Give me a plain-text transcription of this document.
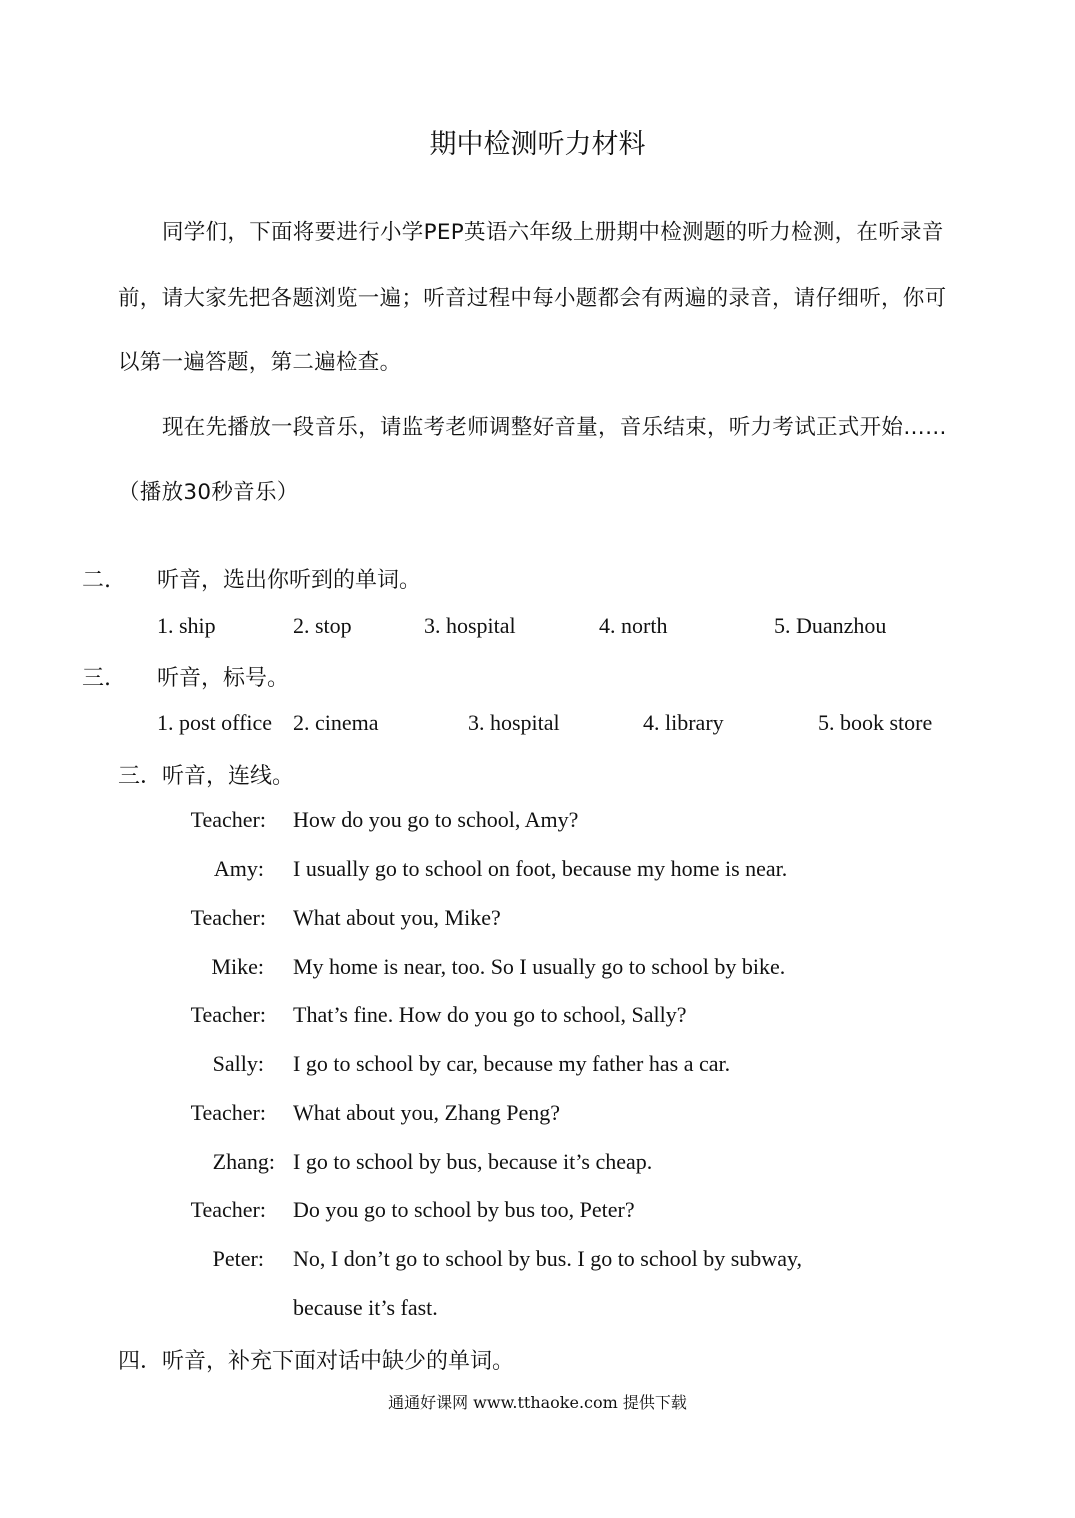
期中检测听力材料
同学们，下面将要进行小学PEP英语六年级上册期中检测题的听力检测，在听录音
前，请大家先把各题浏览一遍；听音过程中每小题都会有两遍的录音，请仔细听，你可
以第一遍答题，第二遍检查。
现在先播放一段音乐，请监考老师调整好音量，音乐结束，听力考试正式开始……
（播放30秒音乐）
二. 听音，选出你听到的单词。
1. ship	2. stop	3. hospital	4. north	5. Duanzhou
三. 听音，标号。
1. post office 2. cinema	3. hospital	4. library	5. book store
三．听音，连线。
Teacher: How do you go to school, Amy?
Amy: I usually go to school on foot, because my home is near.
Teacher: What about you, Mike?
Mike: My home is near, too. So I usually go to school by bike.
Teacher: That’s fine. How do you go to school, Sally?
Sally: I go to school by car, because my father has a car.
Teacher: What about you, Zhang Peng?
Zhang: I go to school by bus, because it’s cheap.
Teacher: Do you go to school by bus too, Peter?
Peter: No, I don’t go to school by bus. I go to school by subway,
because it’s fast.
四．听音，补充下面对话中缺少的单词。
通通好课网 www.tthaoke.com 提供下载
